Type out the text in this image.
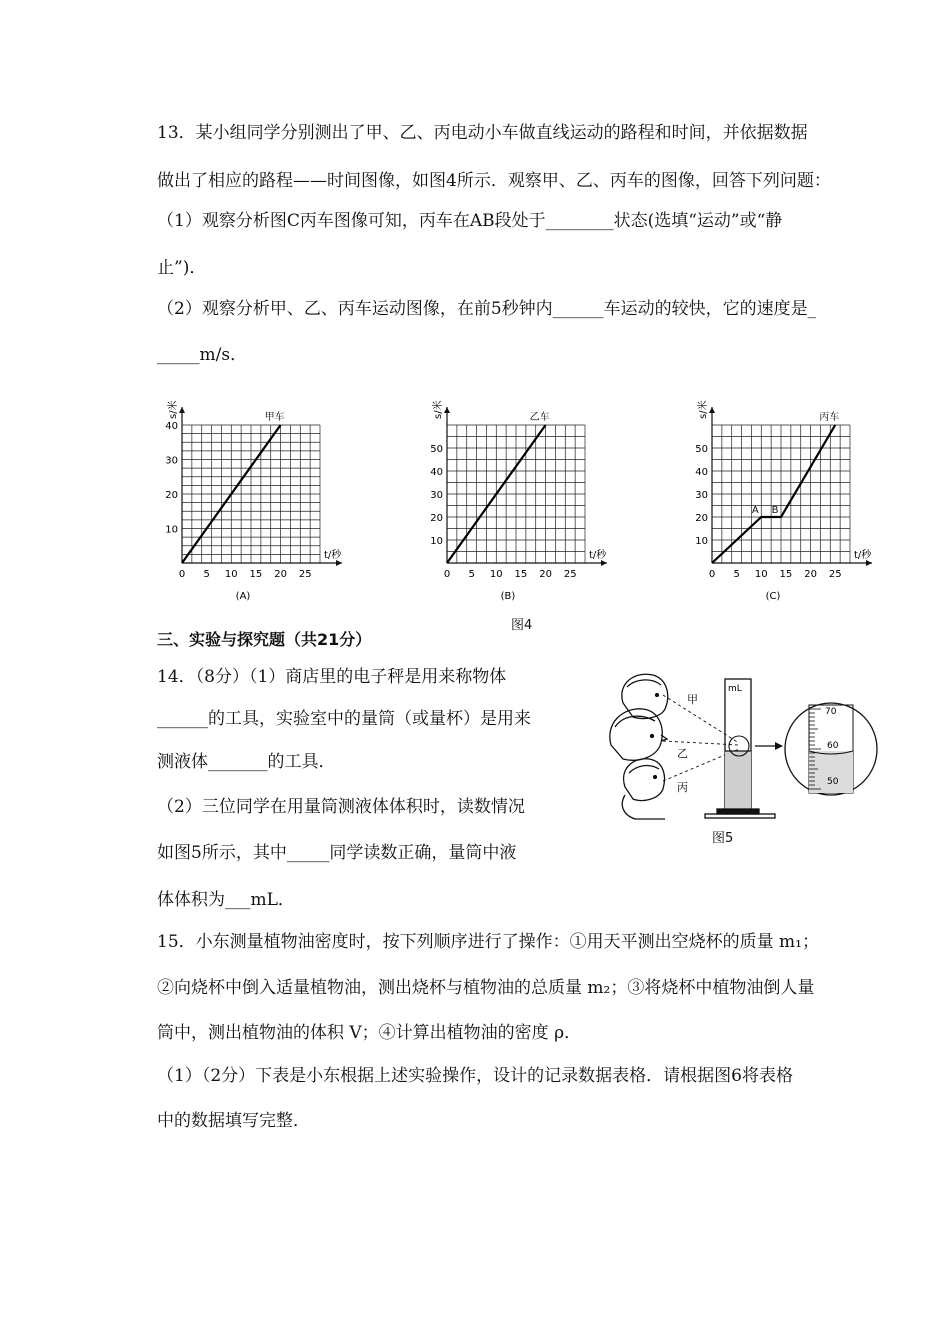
13．某小组同学分别测出了甲、乙、丙电动小车做直线运动的路程和时间，并依据数据
做出了相应的路程——时间图像，如图4所示．观察甲、乙、丙车的图像，回答下列问题：
（1）观察分析图C丙车图像可知，丙车在AB段处于________状态(选填“运动”或“静
止”)．
（2）观察分析甲、乙、丙车运动图像，在前5秒钟内______车运动的较快，它的速度是_
_____m/s．
0 5 10 15 20 25
10
20
30
40
s/米
t/秒
甲车
(A)
0 5 10 15 20 25
10
20
30
40
50
s/米
t/秒
乙车
(B)
0 5 10 15 20 25
10
20
30
40
50
s/米
t/秒
丙车
A B
(C)
图4
三、实验与探究题（共21分）
14．（8分）（1）商店里的电子秤是用来称物体
______的工具，实验室中的量筒（或量杯）是用来
测液体_______的工具．
（2）三位同学在用量筒测液体体积时，读数情况
如图5所示，其中_____同学读数正确，量筒中液
体体积为___mL．
甲
乙
丙
mL
70
60
50
图5
15．小东测量植物油密度时，按下列顺序进行了操作：①用天平测出空烧杯的质量 m₁；
②向烧杯中倒入适量植物油，测出烧杯与植物油的总质量 m₂；③将烧杯中植物油倒人量
筒中，测出植物油的体积 V；④计算出植物油的密度 ρ．
（1）（2分）下表是小东根据上述实验操作，设计的记录数据表格．请根据图6将表格
中的数据填写完整．
